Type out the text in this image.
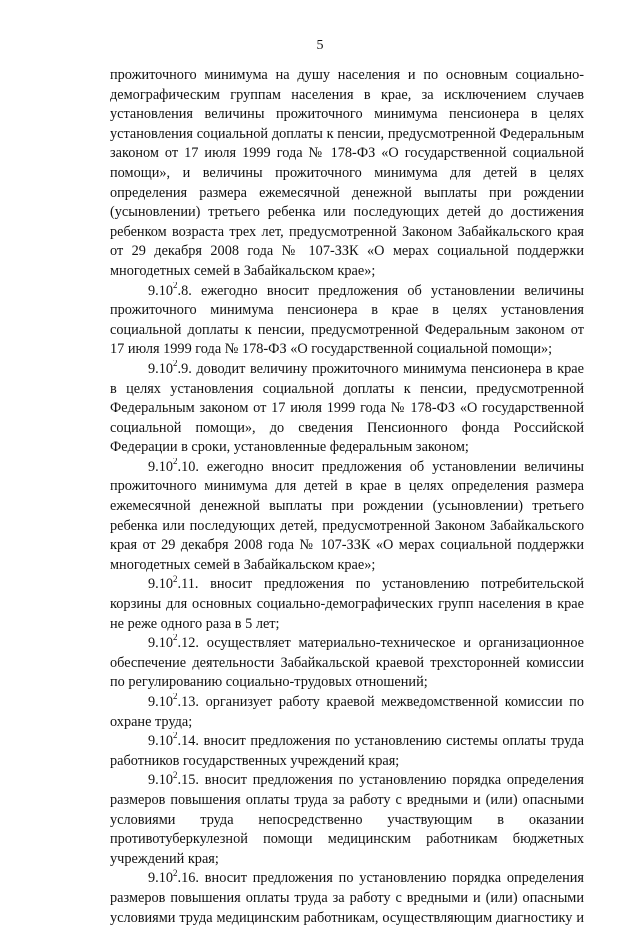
5
прожиточного минимума на душу населения и по основным социально-
демографическим группам населения в крае, за исключением случаев
установления величины прожиточного минимума пенсионера в целях
установления социальной доплаты к пенсии, предусмотренной Федеральным
законом от 17 июля 1999 года № 178-ФЗ «О государственной социальной
помощи», и величины прожиточного минимума для детей в целях
определения размера ежемесячной денежной выплаты при рождении
(усыновлении) третьего ребенка или последующих детей до достижения
ребенком возраста трех лет, предусмотренной Законом Забайкальского края
от 29 декабря 2008 года № 107-ЗЗК «О мерах социальной поддержки
многодетных семей в Забайкальском крае»;
9.10$^2$.8. ежегодно вносит предложения об установлении величины
прожиточного минимума пенсионера в крае в целях установления
социальной доплаты к пенсии, предусмотренной Федеральным законом от
17 июля 1999 года № 178-ФЗ «О государственной социальной помощи»;
9.10$^2$.9. доводит величину прожиточного минимума пенсионера в крае
в целях установления социальной доплаты к пенсии, предусмотренной
Федеральным законом от 17 июля 1999 года № 178-ФЗ «О государственной
социальной помощи», до сведения Пенсионного фонда Российской
Федерации в сроки, установленные федеральным законом;
9.10$^2$.10. ежегодно вносит предложения об установлении величины
прожиточного минимума для детей в крае в целях определения размера
ежемесячной денежной выплаты при рождении (усыновлении) третьего
ребенка или последующих детей, предусмотренной Законом Забайкальского
края от 29 декабря 2008 года № 107-ЗЗК «О мерах социальной поддержки
многодетных семей в Забайкальском крае»;
9.10$^2$.11. вносит предложения по установлению потребительской
корзины для основных социально-демографических групп населения в крае
не реже одного раза в 5 лет;
9.10$^2$.12. осуществляет материально-техническое и организационное
обеспечение деятельности Забайкальской краевой трехсторонней комиссии
по регулированию социально-трудовых отношений;
9.10$^2$.13. организует работу краевой межведомственной комиссии по
охране труда;
9.10$^2$.14. вносит предложения по установлению системы оплаты труда
работников государственных учреждений края;
9.10$^2$.15. вносит предложения по установлению порядка определения
размеров повышения оплаты труда за работу с вредными и (или) опасными
условиями труда непосредственно участвующим в оказании
противотуберкулезной помощи медицинским работникам бюджетных
учреждений края;
9.10$^2$.16. вносит предложения по установлению порядка определения
размеров повышения оплаты труда за работу с вредными и (или) опасными
условиями труда медицинским работникам, осуществляющим диагностику и
